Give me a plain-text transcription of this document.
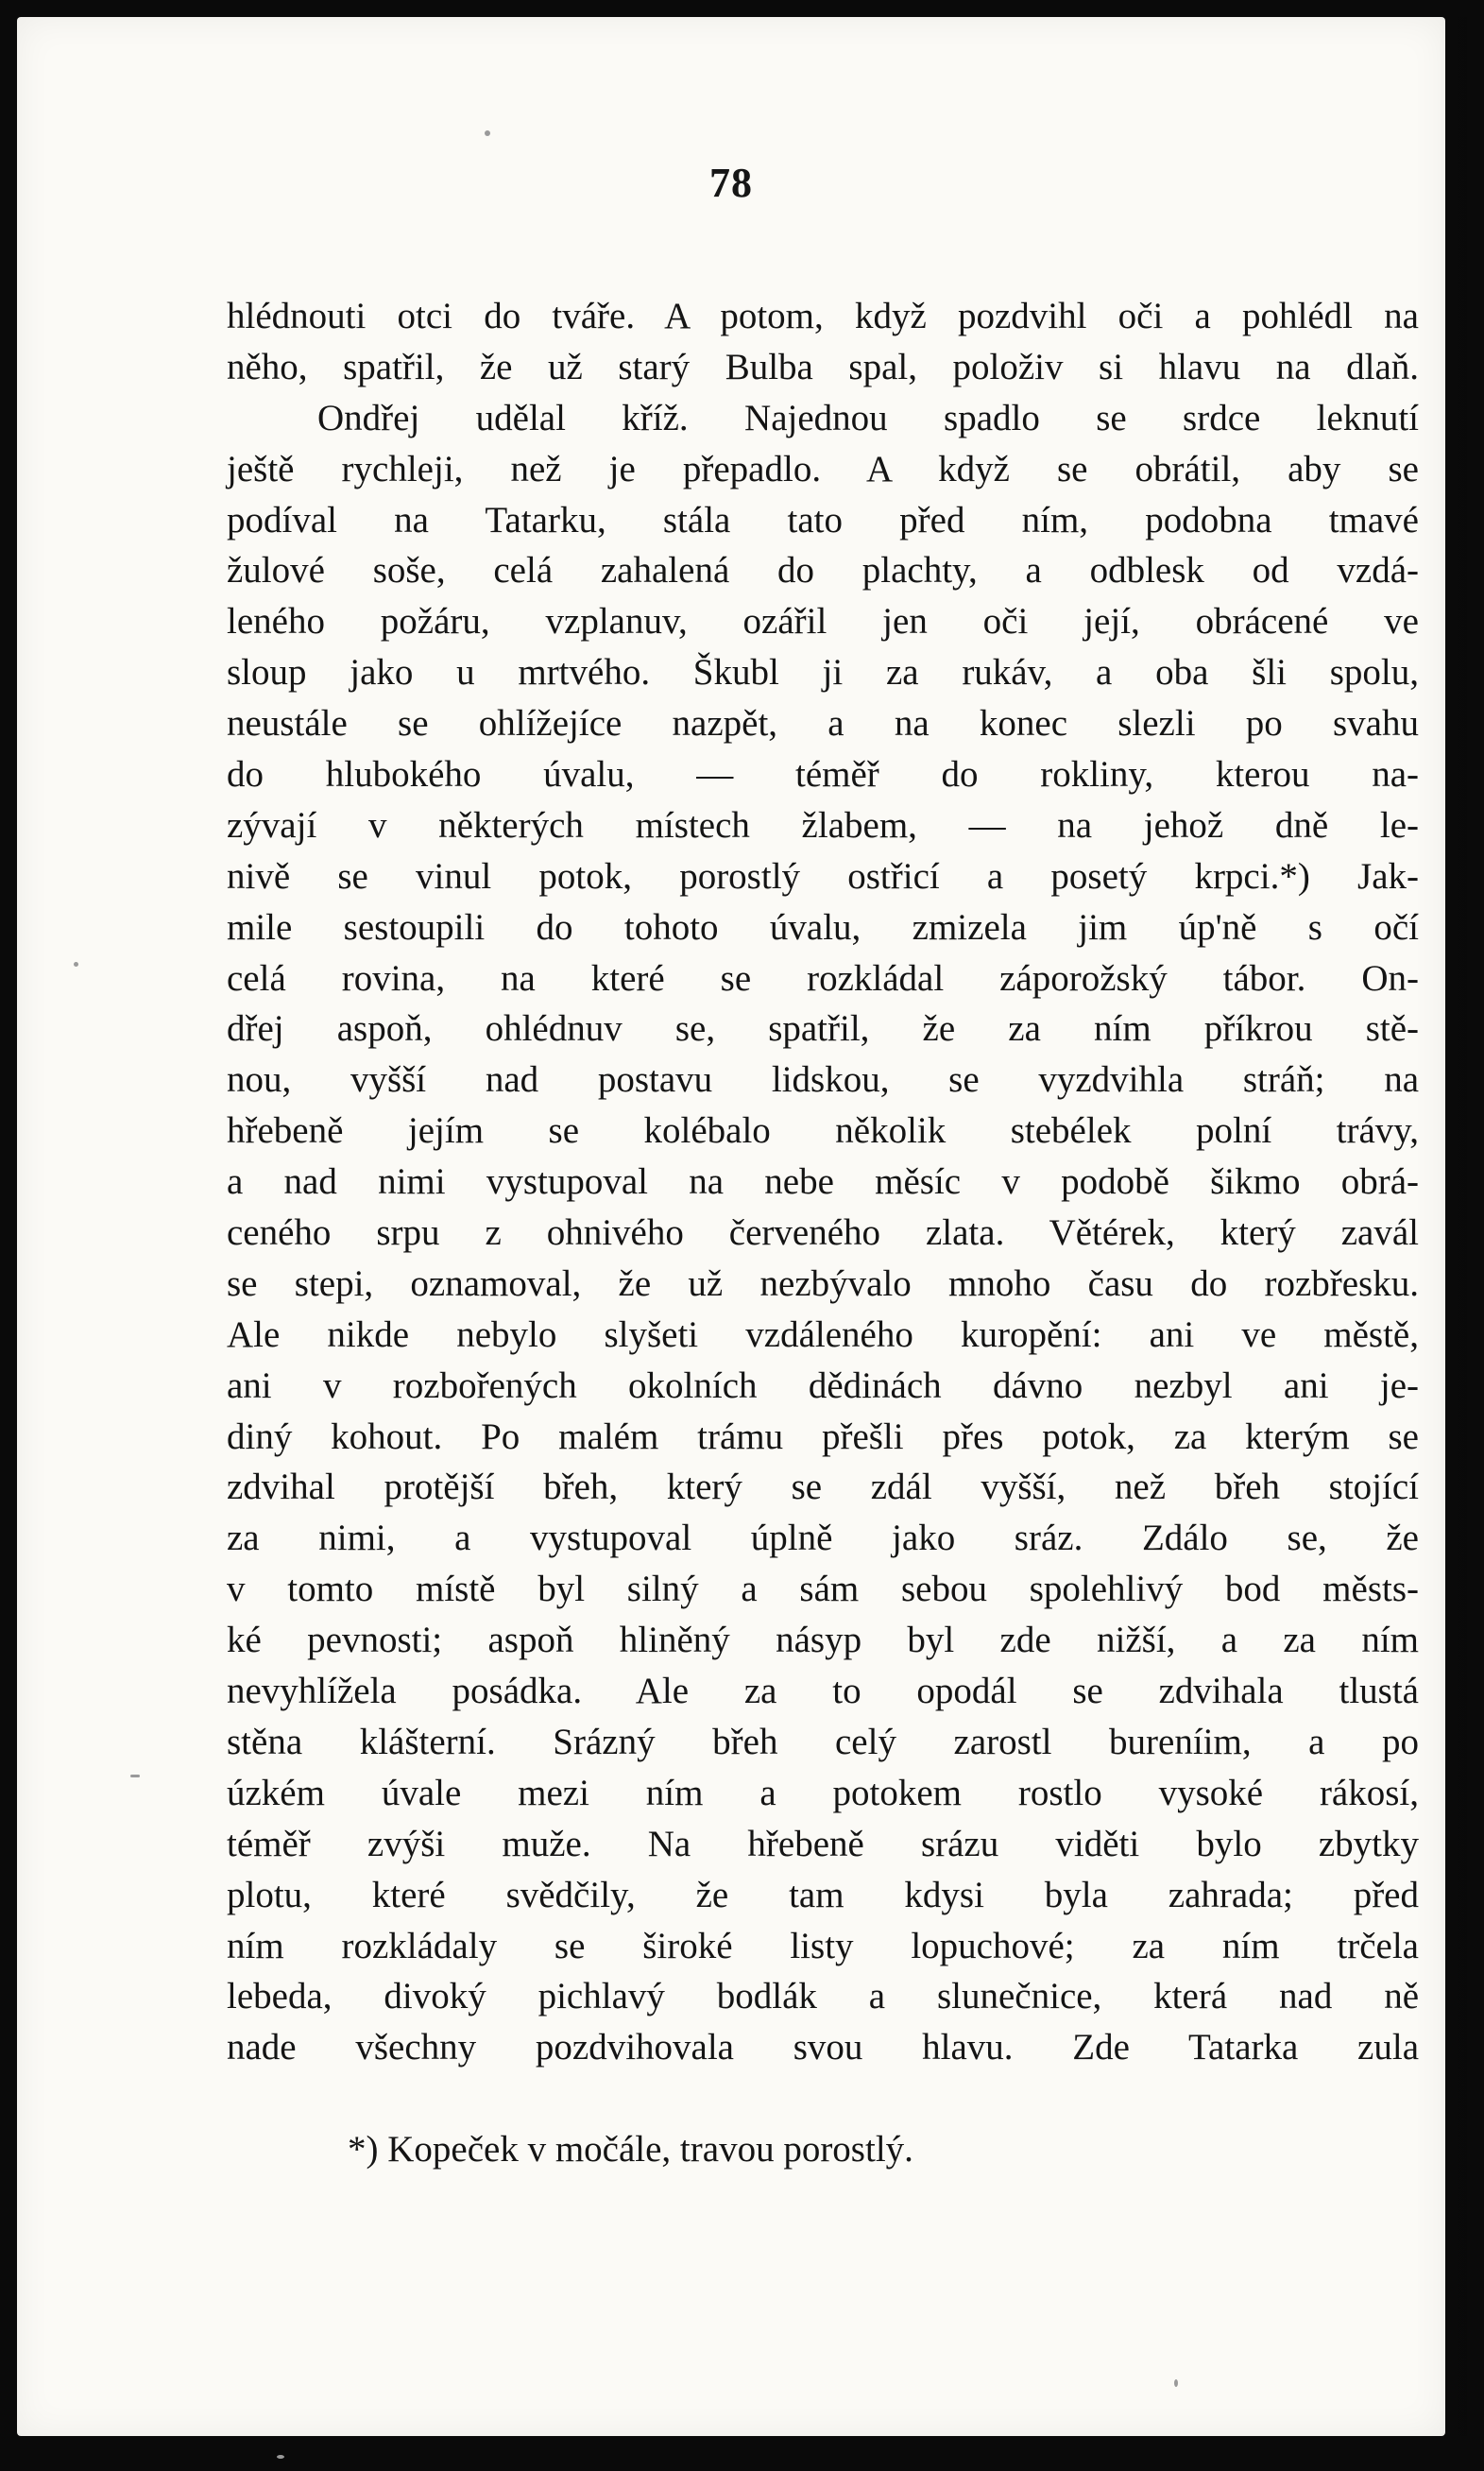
78
hlédnouti otci do tváře. A potom, když pozdvihl oči a pohlédl na
něho, spatřil, že už starý Bulba spal, položiv si hlavu na dlaň.
Ondřej udělal kříž. Najednou spadlo se srdce leknutí
ještě rychleji, než je přepadlo. A když se obrátil, aby se
podíval na Tatarku, stála tato před ním, podobna tmavé
žulové soše, celá zahalená do plachty, a odblesk od vzdá-
leného požáru, vzplanuv, ozářil jen oči její, obrácené ve
sloup jako u mrtvého. Škubl ji za rukáv, a oba šli spolu,
neustále se ohlížejíce nazpět, a na konec slezli po svahu
do hlubokého úvalu, — téměř do rokliny, kterou na-
zývají v některých místech žlabem, — na jehož dně le-
nivě se vinul potok, porostlý ostřicí a posetý krpci.*) Jak-
mile sestoupili do tohoto úvalu, zmizela jim úp'ně s očí
celá rovina, na které se rozkládal záporožský tábor. On-
dřej aspoň, ohlédnuv se, spatřil, že za ním příkrou stě-
nou, vyšší nad postavu lidskou, se vyzdvihla stráň; na
hřebeně jejím se kolébalo několik stebélek polní trávy,
a nad nimi vystupoval na nebe měsíc v podobě šikmo obrá-
ceného srpu z ohnivého červeného zlata. Větérek, který zavál
se stepi, oznamoval, že už nezbývalo mnoho času do rozbřesku.
Ale nikde nebylo slyšeti vzdáleného kuropění: ani ve městě,
ani v rozbořených okolních dědinách dávno nezbyl ani je-
diný kohout. Po malém trámu přešli přes potok, za kterým se
zdvihal protější břeh, který se zdál vyšší, než břeh stojící
za nimi, a vystupoval úplně jako sráz. Zdálo se, že
v tomto místě byl silný a sám sebou spolehlivý bod městs-
ké pevnosti; aspoň hliněný násyp byl zde nižší, a za ním
nevyhlížela posádka. Ale za to opodál se zdvihala tlustá
stěna klášterní. Srázný břeh celý zarostl bureníim, a po
úzkém úvale mezi ním a potokem rostlo vysoké rákosí,
téměř zvýši muže. Na hřebeně srázu viděti bylo zbytky
plotu, které svědčily, že tam kdysi byla zahrada; před
ním rozkládaly se široké listy lopuchové; za ním trčela
lebeda, divoký pichlavý bodlák a slunečnice, která nad ně
nade všechny pozdvihovala svou hlavu. Zde Tatarka zula
*) Kopeček v močále, travou porostlý.
